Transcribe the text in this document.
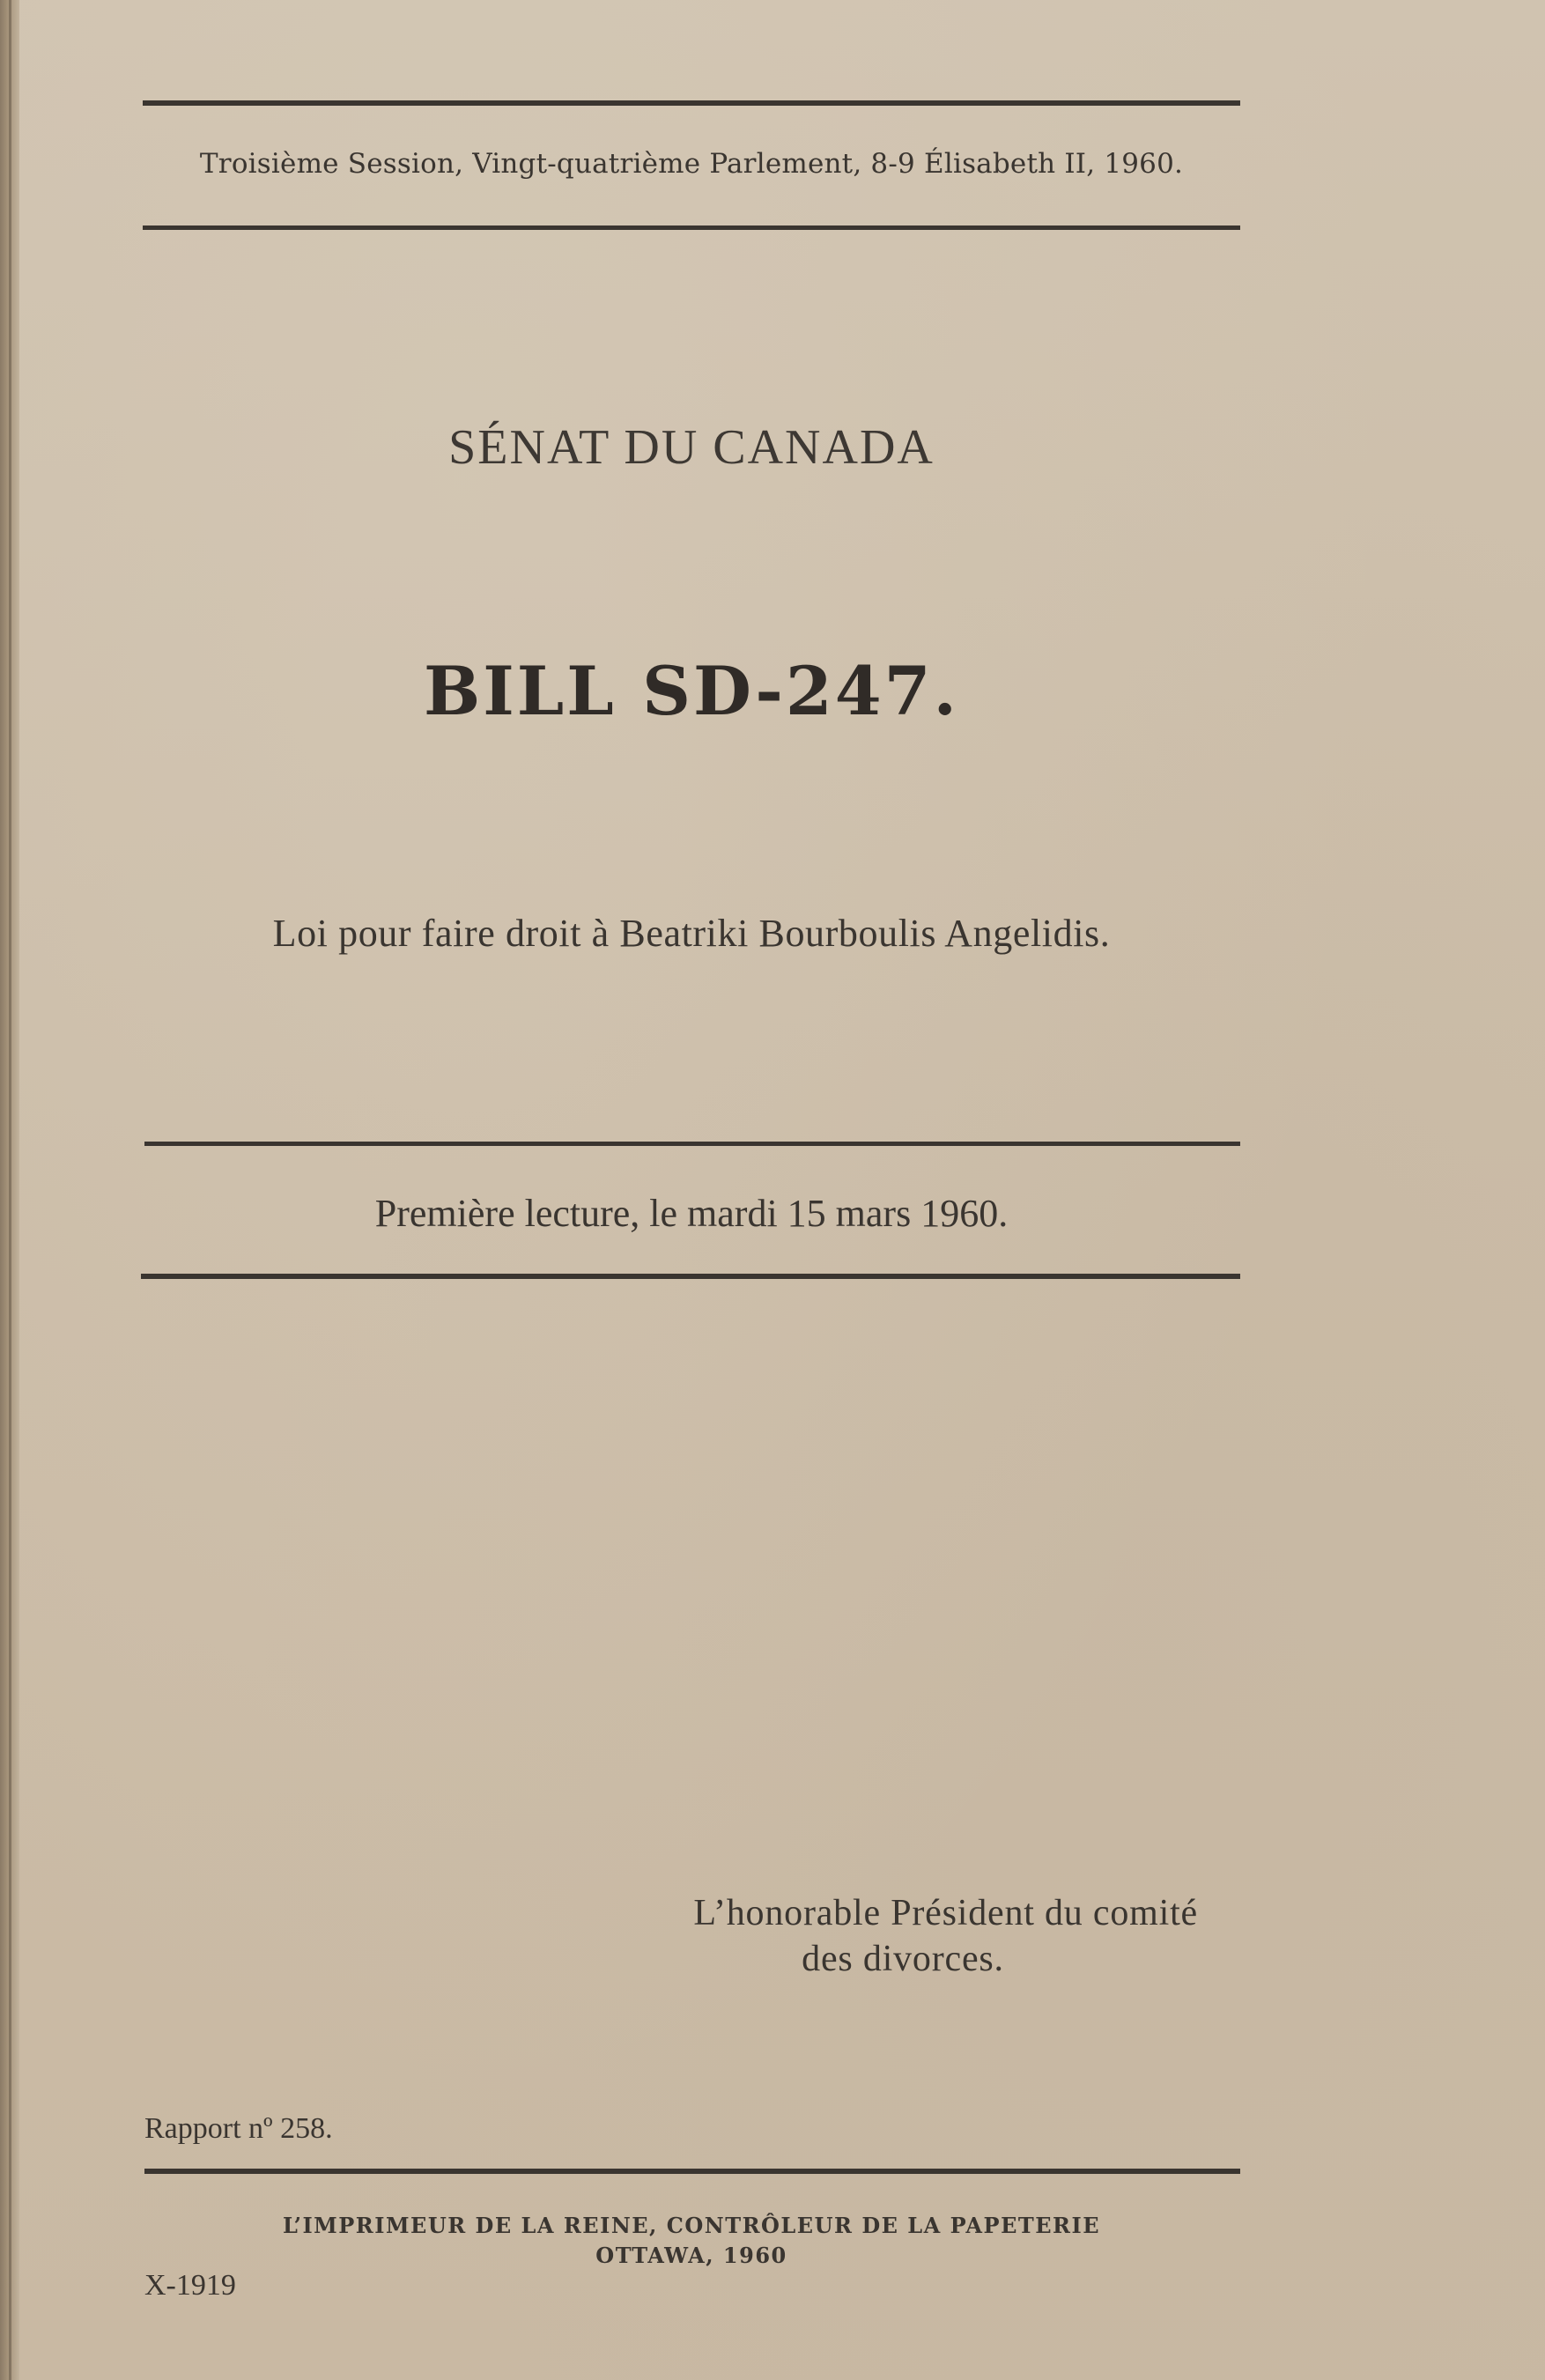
Troisième Session, Vingt-quatrième Parlement, 8-9 Élisabeth II, 1960.
SÉNAT DU CANADA
BILL SD-247.
Loi pour faire droit à Beatriki Bourboulis Angelidis.
Première lecture, le mardi 15 mars 1960.
L’honorable Président du comité
des divorces.
Rapport nº 258.
L’IMPRIMEUR DE LA REINE, CONTRÔLEUR DE LA PAPETERIE
OTTAWA, 1960
X-1919
